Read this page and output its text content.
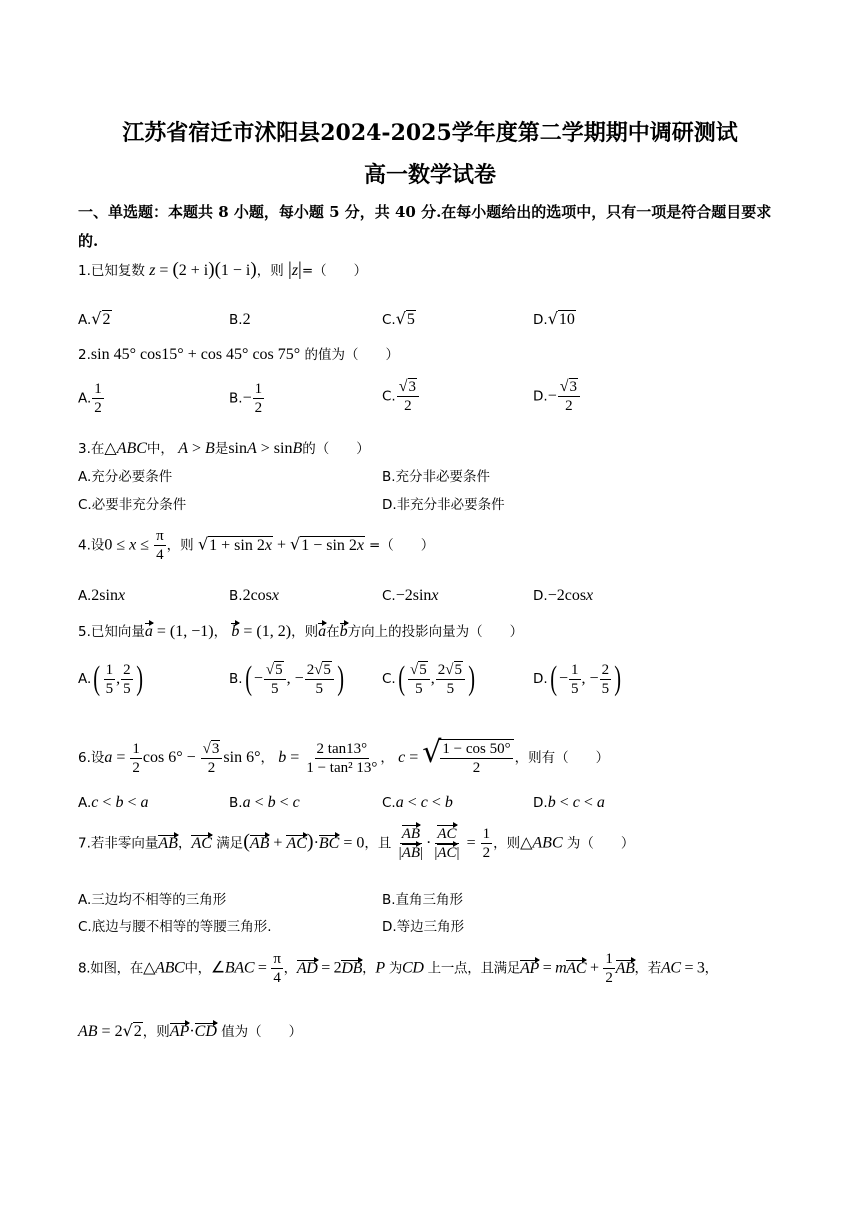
江苏省宿迁市沭阳县2024-2025学年度第二学期期中调研测试
高一数学试卷
一、单选题：本题共 8 小题，每小题 5 分，共 40 分.在每小题给出的选项中，只有一项是符合题目要求的.
1.已知复数 z = (2 + i)(1 − i)，则 |z|=（　　）
A.√2	B.2	C.√5	D.√10
2.sin 45° cos15° + cos 45° cos 75° 的值为（　　）
A. $\frac{1}{2}$	$B.- \frac{1}{2}$	C. $\frac{√3}{2}$	$D.- \frac{√3}{2}$
3.在△ABC中， A > B是sinA > sinB的（　　）
A.充分必要条件	B.充分非必要条件
C.必要非充分条件	D.非充分非必要条件
4.设$0 \le x \le \frac{\pi}{4}$ ，则 √1 + sin 2x + √1 − sin 2x =（　　）
A.2sinx	B.2cosx	C.−2sinx	D.−2cosx
5.已知向量a = (1, −1)， b = (1, 2)，则a在b方向上的投影向量为（　　）
$A.( \frac{1}{5}$ , $\frac{2}{5}$ )	$B.( - \frac{√5}{5}$ , − $\frac{2√5}{5}$ )	$C.( \frac{√5}{5}$ , $\frac{2√5}{5}$ )	$D.( - \frac{1}{5}$ , − $\frac{2}{5}$ )
6.设$a = \frac{1}{2}$ $\cos 6^\circ - \frac{√3}{2}$ sin 6°， $b = \frac{2 \tan 13^\circ}{\text{1 − tan² 13°}}$ ， c = √
$\frac{1 - \cos 50^\circ}{2}$ ，则有（　　）
A.c < b < a	B.a < b < c	C.a < c < b	D.b < c < a
7.若非零向量AB，AC 满足(AB + AC)·BC = 0，且 $\frac{AB}{|AB|} \cdot \frac{AC}{|AC|} = \frac{1}{2}$ ，则△ABC 为（　　）
A.三边均不相等的三角形	B.直角三角形
C.底边与腰不相等的等腰三角形.	D.等边三角形
8.如图，在△ABC中，∠BAC = $\frac{\pi}{4}$ ，AD = 2DB，P 为CD 上一点，且满足AP = mAC + $\frac{1}{2}$ AB，若AC = 3，
AB = 2√2，则AP·CD 值为（　　）
